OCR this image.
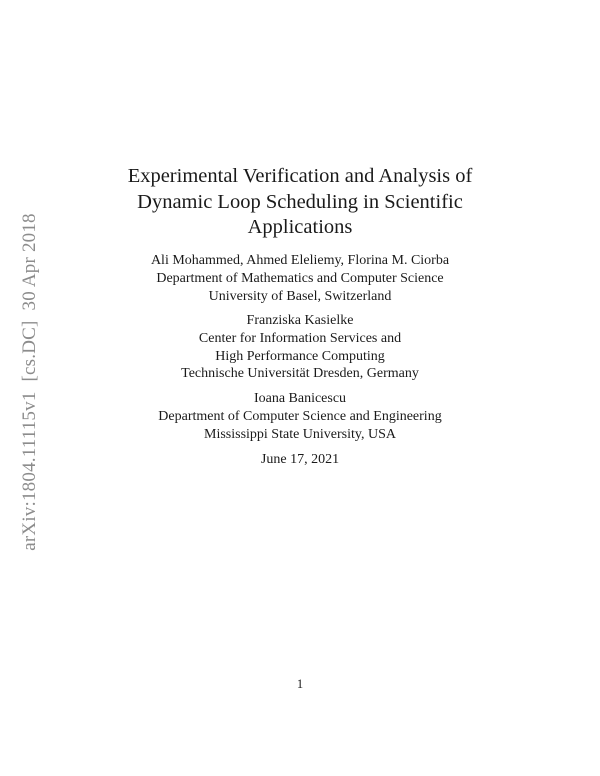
arXiv:1804.11115v1[cs.DC]30 Apr 2018
Experimental Verification and Analysis of
Dynamic Loop Scheduling in Scientific
Applications

Ali Mohammed, Ahmed Eleliemy, Florina M. Ciorba

Department of Mathematics and Computer Science

University of Basel, Switzerland

Franziska Kasielke

Center for Information Services and

High Performance Computing

Technische Universität Dresden, Germany

Ioana Banicescu

Department of Computer Science and Engineering

Mississippi State University, USA

June 17, 2021
1
